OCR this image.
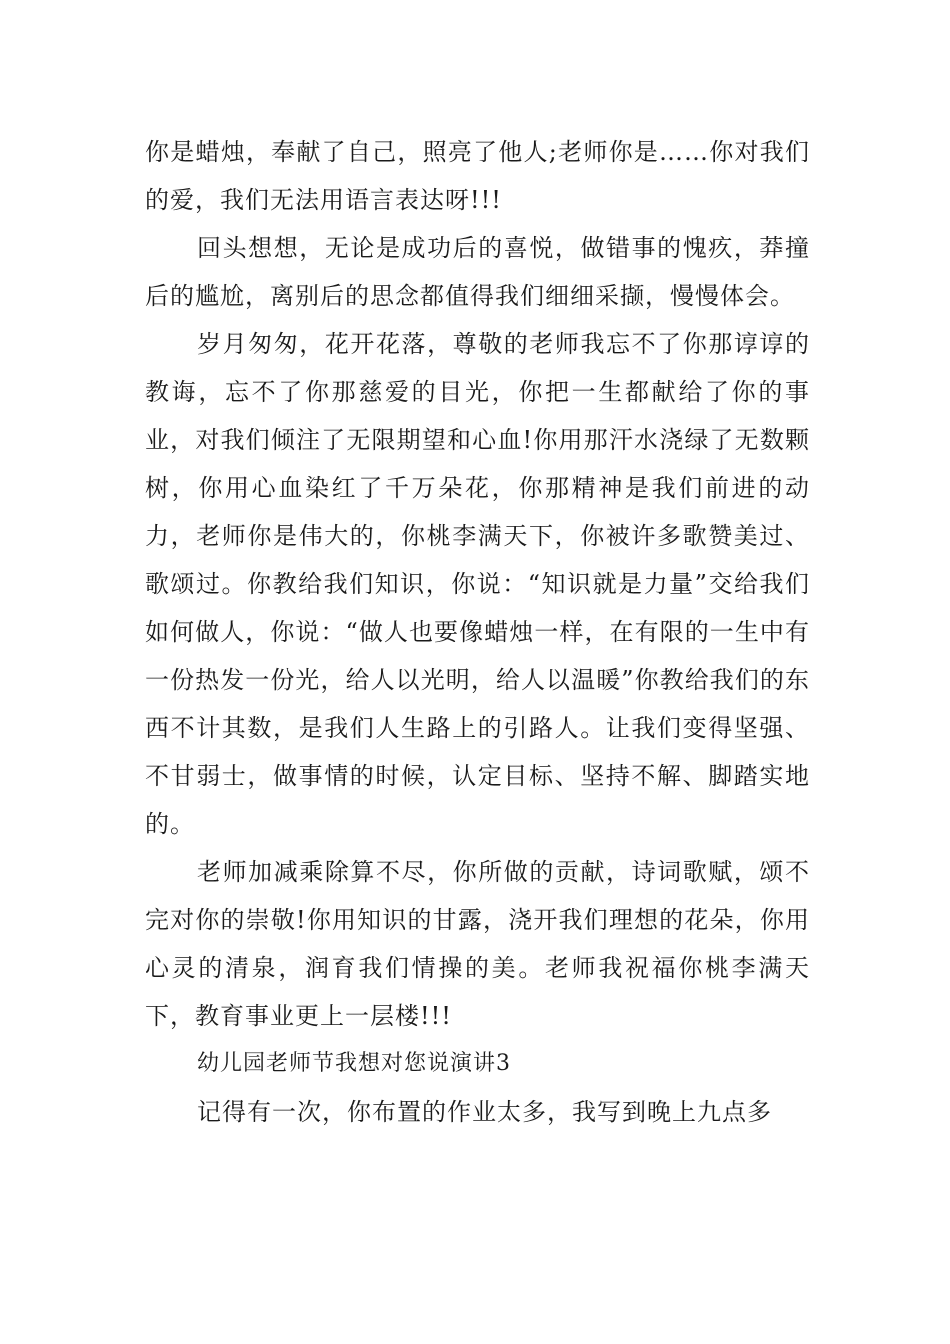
你是蜡烛，奉献了自己，照亮了他人;老师你是……你对我们的爱，我们无法用语言表达呀!!!

回头想想，无论是成功后的喜悦，做错事的愧疚，莽撞后的尴尬，离别后的思念都值得我们细细采撷，慢慢体会。

岁月匆匆，花开花落，尊敬的老师我忘不了你那谆谆的教诲，忘不了你那慈爱的目光，你把一生都献给了你的事业，对我们倾注了无限期望和心血!你用那汗水浇绿了无数颗树，你用心血染红了千万朵花，你那精神是我们前进的动力，老师你是伟大的，你桃李满天下，你被许多歌赞美过、歌颂过。你教给我们知识，你说：“知识就是力量”交给我们如何做人，你说：“做人也要像蜡烛一样，在有限的一生中有一份热发一份光，给人以光明，给人以温暖”你教给我们的东西不计其数，是我们人生路上的引路人。让我们变得坚强、不甘弱士，做事情的时候，认定目标、坚持不解、脚踏实地的。

老师加减乘除算不尽，你所做的贡献，诗词歌赋，颂不完对你的崇敬!你用知识的甘露，浇开我们理想的花朵，你用心灵的清泉，润育我们情操的美。老师我祝福你桃李满天下，教育事业更上一层楼!!!

幼儿园老师节我想对您说演讲3

记得有一次，你布置的作业太多，我写到晚上九点多
